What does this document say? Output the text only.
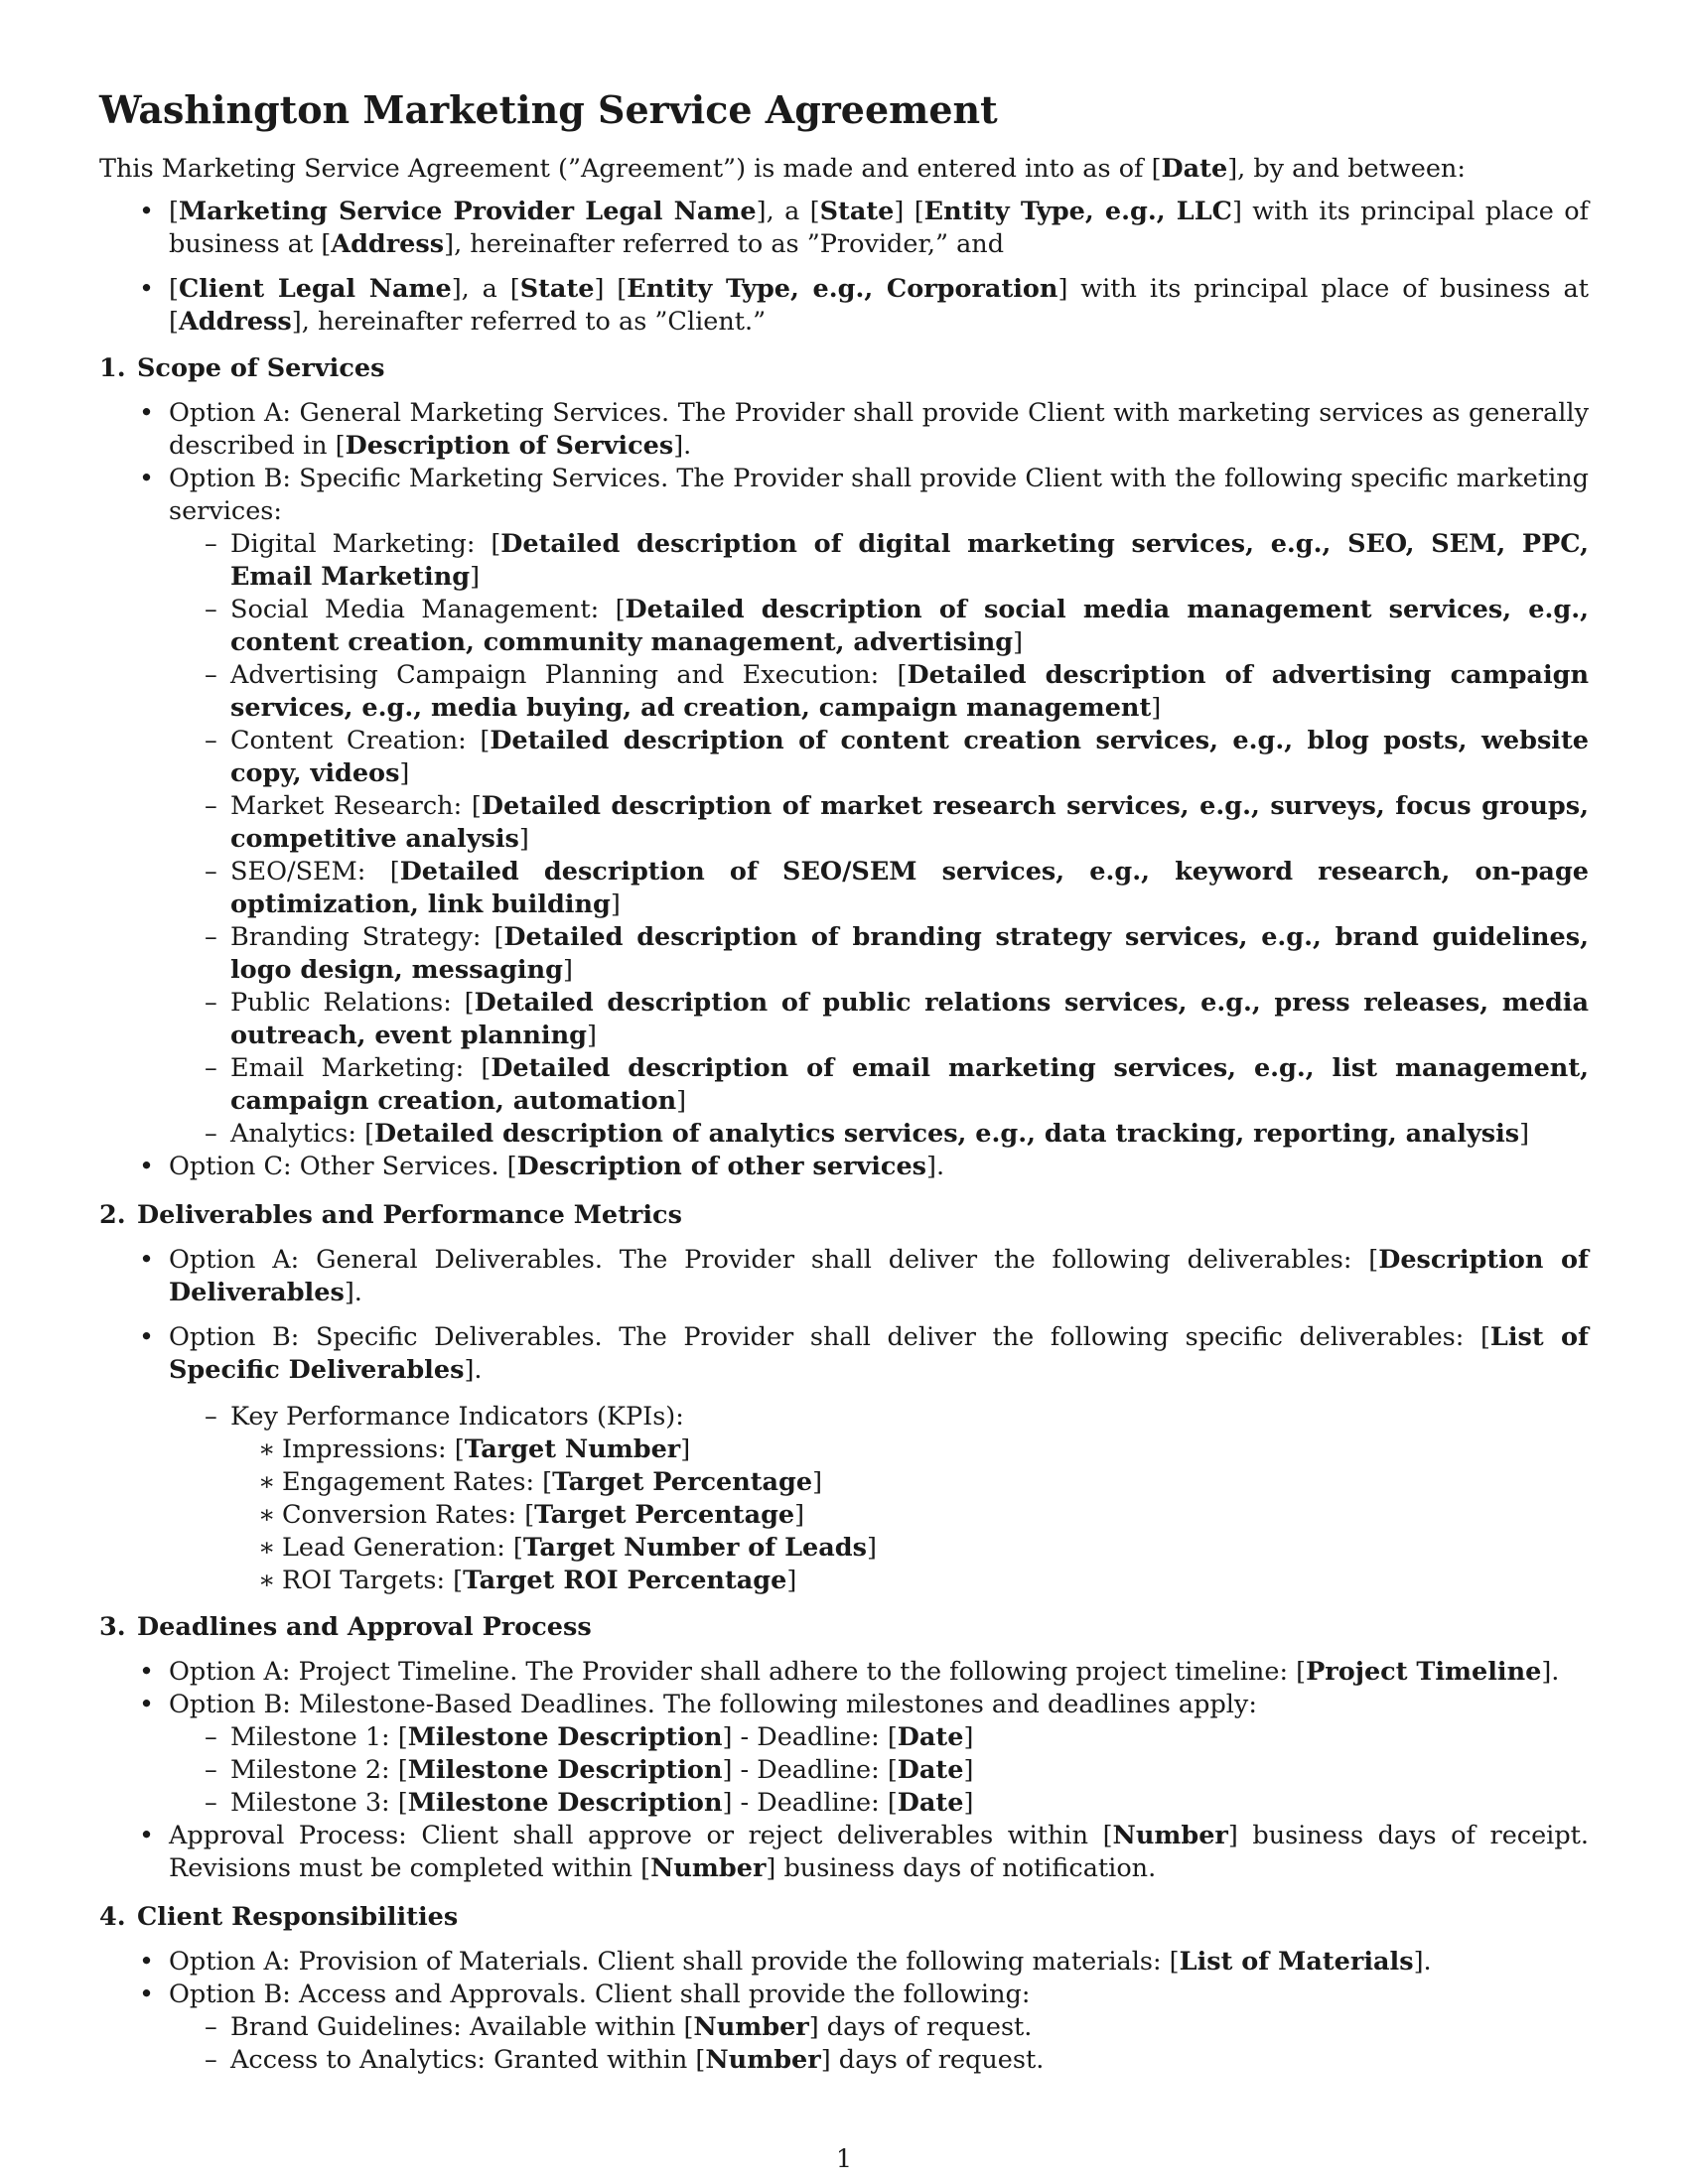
Washington Marketing Service Agreement

This Marketing Service Agreement (”Agreement”) is made and entered into as of [Date], by and between:

• [Marketing Service Provider Legal Name], a [State] [Entity Type, e.g., LLC] with its principal place of business at [Address], hereinafter referred to as ”Provider,” and
• [Client Legal Name], a [State] [Entity Type, e.g., Corporation] with its principal place of business at [Address], hereinafter referred to as ”Client.”
1. Scope of Services
• Option A: General Marketing Services. The Provider shall provide Client with marketing services as generally described in [Description of Services].
• Option B: Specific Marketing Services. The Provider shall provide Client with the following specific marketing services:
– Digital Marketing: [Detailed description of digital marketing services, e.g., SEO, SEM, PPC, Email Marketing]
– Social Media Management: [Detailed description of social media management services, e.g., content creation, community management, advertising]
– Advertising Campaign Planning and Execution: [Detailed description of advertising campaign services, e.g., media buying, ad creation, campaign management]
– Content Creation: [Detailed description of content creation services, e.g., blog posts, website copy, videos]
– Market Research: [Detailed description of market research services, e.g., surveys, focus groups, competitive analysis]
– SEO/SEM: [Detailed description of SEO/SEM services, e.g., keyword research, on-page optimization, link building]
– Branding Strategy: [Detailed description of branding strategy services, e.g., brand guidelines, logo design, messaging]
– Public Relations: [Detailed description of public relations services, e.g., press releases, media outreach, event planning]
– Email Marketing: [Detailed description of email marketing services, e.g., list management, campaign creation, automation]
– Analytics: [Detailed description of analytics services, e.g., data tracking, reporting, analysis]
• Option C: Other Services. [Description of other services].
2. Deliverables and Performance Metrics
• Option A: General Deliverables. The Provider shall deliver the following deliverables: [Description of Deliverables].
• Option B: Specific Deliverables. The Provider shall deliver the following specific deliverables: [List of Specific Deliverables].
– Key Performance Indicators (KPIs):
∗ Impressions: [Target Number]
∗ Engagement Rates: [Target Percentage]
∗ Conversion Rates: [Target Percentage]
∗ Lead Generation: [Target Number of Leads]
∗ ROI Targets: [Target ROI Percentage]
3. Deadlines and Approval Process
• Option A: Project Timeline. The Provider shall adhere to the following project timeline: [Project Timeline].
• Option B: Milestone-Based Deadlines. The following milestones and deadlines apply:
– Milestone 1: [Milestone Description] - Deadline: [Date]
– Milestone 2: [Milestone Description] - Deadline: [Date]
– Milestone 3: [Milestone Description] - Deadline: [Date]
• Approval Process: Client shall approve or reject deliverables within [Number] business days of receipt. Revisions must be completed within [Number] business days of notification.
4. Client Responsibilities
• Option A: Provision of Materials. Client shall provide the following materials: [List of Materials].
• Option B: Access and Approvals. Client shall provide the following:
– Brand Guidelines: Available within [Number] days of request.
– Access to Analytics: Granted within [Number] days of request.
1
